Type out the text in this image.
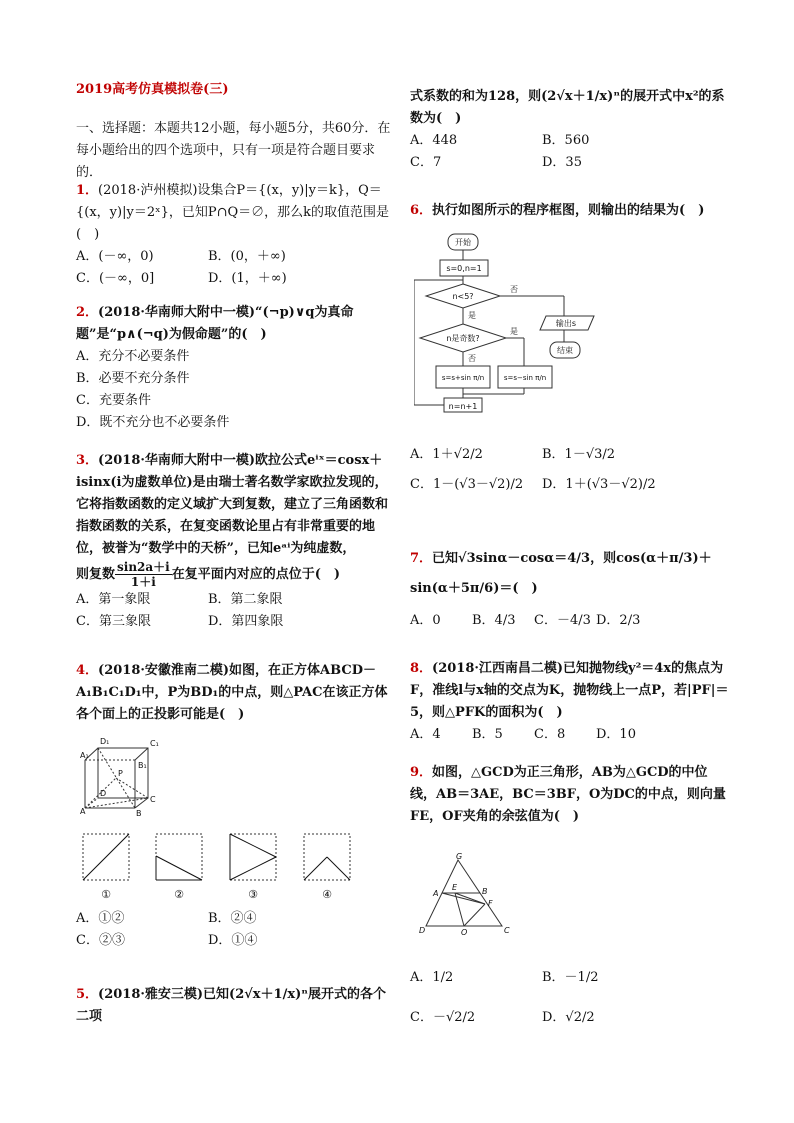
2019高考仿真模拟卷(三)
一、选择题：本题共12小题，每小题5分，共60分．在每小题给出的四个选项中，只有一项是符合题目要求的．
1．(2018·泸州模拟)设集合P＝{(x，y)|y＝k}，Q＝{(x，y)|y＝2ˣ}，已知P∩Q＝∅，那么k的取值范围是(　)
A．(－∞，0)	B．(0，＋∞)
C．(－∞，0]	D．(1，＋∞)
2．(2018·华南师大附中一模)“(¬p)∨q为真命题”是“p∧(¬q)为假命题”的(　)
A．充分不必要条件
B．必要不充分条件
C．充要条件
D．既不充分也不必要条件
3．(2018·华南师大附中一模)欧拉公式eⁱˣ＝cosx＋isinx(i为虚数单位)是由瑞士著名数学家欧拉发现的，它将指数函数的定义域扩大到复数，建立了三角函数和指数函数的关系，在复变函数论里占有非常重要的地位，被誉为“数学中的天桥”，已知eᵃⁱ为纯虚数，
则复数 $\frac{\sin 2a+i}{1+i}$ 在复平面内对应的点位于(　)
A．第一象限	B．第二象限
C．第三象限	D．第四象限
4．(2018·安徽淮南二模)如图，在正方体ABCD－A₁B₁C₁D₁中，P为BD₁的中点，则△PAC在该正方体各个面上的正投影可能是(　)
A₁
D₁	C₁
B₁
P
D
C
A	B
①	②	③	④
A．①②	B．②④
C．②③	D．①④
5．(2018·雅安三模)已知(2√x＋1/x)ⁿ展开式的各个二项
式系数的和为128，则(2√x＋1/x)ⁿ的展开式中x²的系数为(　)
A．448	B．560
C．7	D．35
6．执行如图所示的程序框图，则输出的结果为(　)
开始
s=0,n=1
n<5?
否
是
n是奇数?
是
否
s=s+sin π/n	s=s−sin π/n
n=n+1
输出s
结束
A．1＋√2/2	B．1－√3/2
C．1－(√3－√2)/2	D．1＋(√3－√2)/2
7．已知√3sinα－cosα＝4/3，则cos(α＋π/3)＋sin(α＋5π/6)＝(　)
A．0	B．4/3	C．－4/3 D．2/3
8．(2018·江西南昌二模)已知抛物线y²＝4x的焦点为F，准线l与x轴的交点为K，抛物线上一点P，若|PF|＝5，则△PFK的面积为(　)
A．4	B．5	C．8	D．10
9．如图，△GCD为正三角形，AB为△GCD的中位线，AB＝3AE，BC＝3BF，O为DC的中点，则向量FE，OF夹角的余弦值为(　)
G
A
E	B
F
D	O	C
A．1/2	B．－1/2
C．－√2/2	D．√2/2
